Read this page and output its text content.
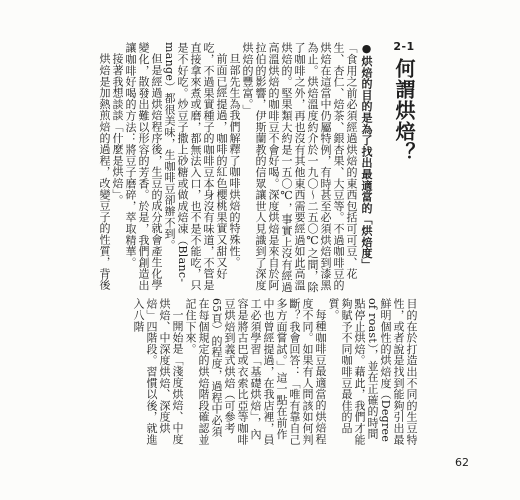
2-1
何謂烘焙？
●烘焙的目的是為了找出最適當的「烘焙度」

「食用之前必須經過烘焙的東西包括可可豆、花生、杏仁、焙茶、銀杏果、大豆等。不過咖啡豆的烘焙在這當中仍屬特例，有時甚至必須烘焙到漆黑為止。烘焙溫度約介於一九〇～二五〇℃之間，除了咖啡之外，再也沒有其他東西需要經過如此高溫烘焙的。堅果類大約是一五〇℃，事實上沒有經過高溫烘焙的咖啡豆不會好喝。深度烘焙是來自於阿拉伯的影響，伊斯蘭教的信眾讓世人見識到了深度烘焙的豐富。」

旦部先生為我們解釋了咖啡烘焙的特殊性。

前面已經提過，咖啡的紅色櫻桃果實又甜又好吃，不過果實種子的咖啡豆本身沒有味道，不管是直接拿來煮或磨，都無法入口，也不是不能吃，只是不好吃。炒豆子撒上砂糖或做成焙凍（Blanc-mange）都很美味，生咖啡豆卻辦不到。

但是經過烘焙程序後，生豆的成分就會產生化學變化，散發出難以形容的芳香。於是，我們創造出讓咖啡好喝的方法：將豆子磨碎，萃取精華。

接著我想談談「什麼是烘焙」。

烘焙是加熱煎焙的過程，改變豆子的性質，背後

目的在於打造出不同的生豆特性，或者說是找到能夠引出最鮮明個性的烘焙度（Degree of roast），並在正確的時間點停止烘焙。藉此，我們才能夠賦予不同咖啡豆最佳的品質。

每種咖啡豆最適當的烘焙程度不同。如果有人問該如何判斷？我會回答：「唯有靠自己多方面嘗試。」這一點在前作中也曾經提過，在我店裡，員工必須學習「基礎烘焙」，內容是將古巴或衣索比亞等咖啡豆烘焙到義式烘焙（可參考65頁）的程度，過程中必須在每個規定的烘焙階段確認並記住下來。

一開始是「淺度烘焙、中度烘焙、中深度烘焙、深度烘焙」四階段。習慣以後，就進入八階

62
